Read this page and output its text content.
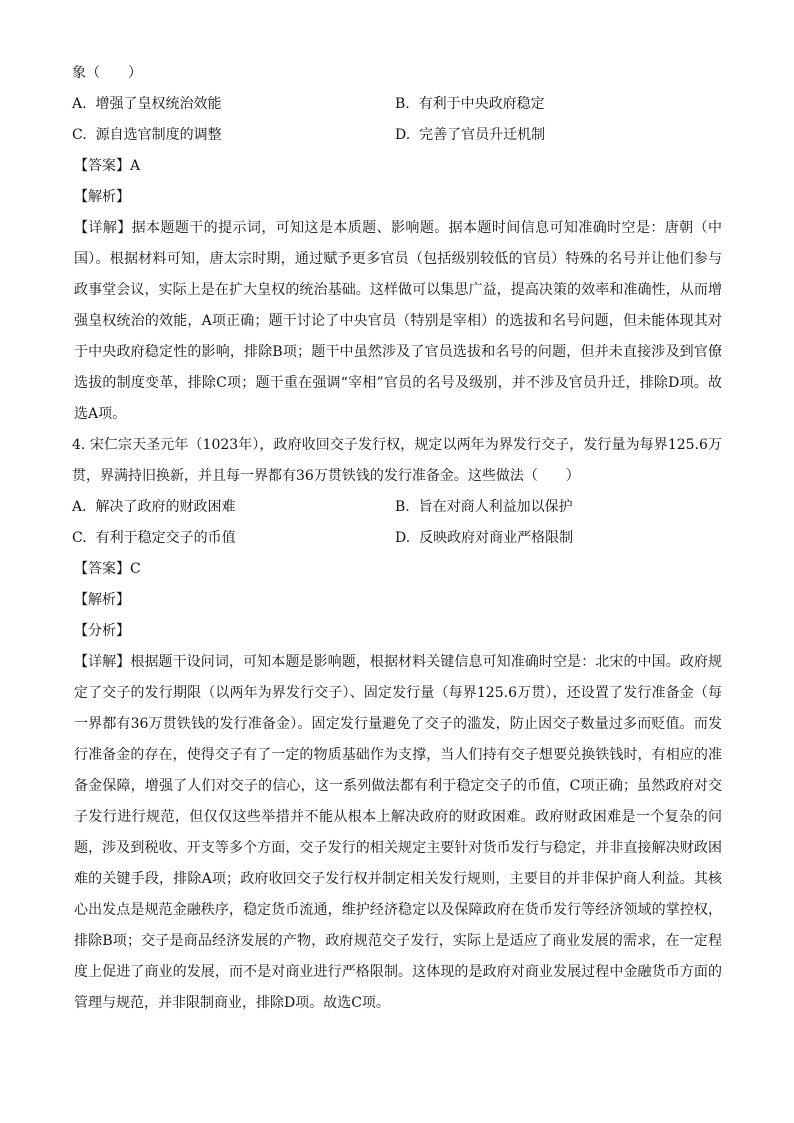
象（　　）

A. 增强了皇权统治效能	B. 有利于中央政府稳定
C. 源自选官制度的调整	D. 完善了官员升迁机制

【答案】A

【解析】

【详解】据本题题干的提示词，可知这是本质题、影响题。据本题时间信息可知准确时空是：唐朝（中国）。根据材料可知，唐太宗时期，通过赋予更多官员（包括级别较低的官员）特殊的名号并让他们参与政事堂会议，实际上是在扩大皇权的统治基础。这样做可以集思广益，提高决策的效率和准确性，从而增强皇权统治的效能，A项正确；题干讨论了中央官员（特别是宰相）的选拔和名号问题，但未能体现其对于中央政府稳定性的影响，排除B项；题干中虽然涉及了官员选拔和名号的问题，但并未直接涉及到官僚选拔的制度变革，排除C项；题干重在强调“宰相”官员的名号及级别，并不涉及官员升迁，排除D项。故选A项。

4. 宋仁宗天圣元年（1023年），政府收回交子发行权，规定以两年为界发行交子，发行量为每界125.6万贯，界满持旧换新，并且每一界都有36万贯铁钱的发行准备金。这些做法（　　）

A. 解决了政府的财政困难	B. 旨在对商人利益加以保护
C. 有利于稳定交子的币值	D. 反映政府对商业严格限制

【答案】C

【解析】

【分析】

【详解】根据题干设问词，可知本题是影响题，根据材料关键信息可知准确时空是：北宋的中国。政府规定了交子的发行期限（以两年为界发行交子）、固定发行量（每界125.6万贯），还设置了发行准备金（每一界都有36万贯铁钱的发行准备金）。固定发行量避免了交子的滥发，防止因交子数量过多而贬值。而发行准备金的存在，使得交子有了一定的物质基础作为支撑，当人们持有交子想要兑换铁钱时，有相应的准备金保障，增强了人们对交子的信心，这一系列做法都有利于稳定交子的币值，C项正确；虽然政府对交子发行进行规范，但仅仅这些举措并不能从根本上解决政府的财政困难。政府财政困难是一个复杂的问题，涉及到税收、开支等多个方面，交子发行的相关规定主要针对货币发行与稳定，并非直接解决财政困难的关键手段，排除A项；政府收回交子发行权并制定相关发行规则，主要目的并非保护商人利益。其核心出发点是规范金融秩序，稳定货币流通，维护经济稳定以及保障政府在货币发行等经济领域的掌控权，排除B项；交子是商品经济发展的产物，政府规范交子发行，实际上是适应了商业发展的需求，在一定程度上促进了商业的发展，而不是对商业进行严格限制。这体现的是政府对商业发展过程中金融货币方面的管理与规范，并非限制商业，排除D项。故选C项。
